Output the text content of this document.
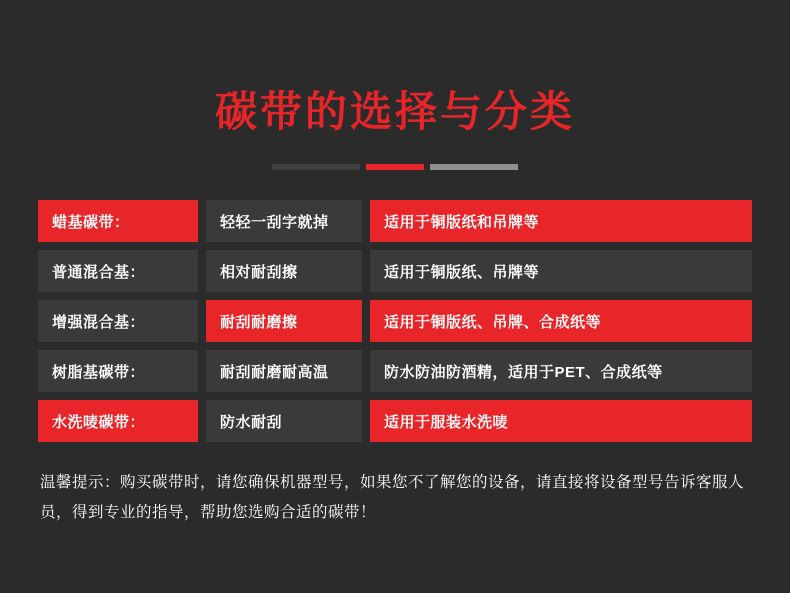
碳带的选择与分类
蜡基碳带：	轻轻一刮字就掉	适用于铜版纸和吊牌等
普通混合基：	相对耐刮擦	适用于铜版纸、吊牌等
增强混合基：	耐刮耐磨擦	适用于铜版纸、吊牌、合成纸等
树脂基碳带：	耐刮耐磨耐高温	防水防油防酒精，适用于PET、合成纸等
水洗唛碳带：	防水耐刮	适用于服装水洗唛
温馨提示：购买碳带时，请您确保机器型号，如果您不了解您的设备，请直接将设备型号告诉客服人员，得到专业的指导，帮助您选购合适的碳带！
